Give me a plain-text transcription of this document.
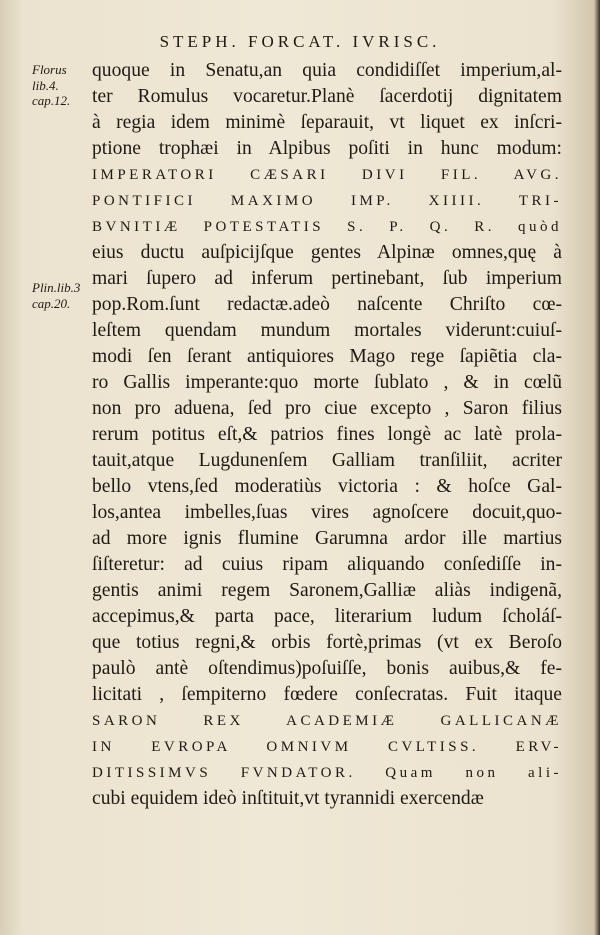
STEPH. FORCAT. IVRISC.
Florus
lib.4.
cap.12.
Plin.lib.3
cap.20.
quoque in Senatu,an quia condidiſſet imperium,al-
ter Romulus vocaretur.Planè ſacerdotij dignitatem
à regia idem minimè ſeparauit, vt liquet ex inſcri-
ptione trophæi in Alpibus poſiti in hunc modum:
IMPERATORI CÆSARI DIVI FIL. AVG.
PONTIFICI MAXIMO IMP. XIIII. TRI-
BVNITIÆ POTESTATIS S. P. Q. R. quòd
eius ductu auſpicijſque gentes Alpinæ omnes,quę à
mari ſupero ad inferum pertinebant, ſub imperium
pop.Rom.ſunt redactæ.adeò naſcente Chriſto cœ-
leſtem quendam mundum mortales viderunt:cuiuſ-
modi ſen ſerant antiquiores Mago rege ſapiẽtia cla-
ro Gallis imperante:quo morte ſublato , & in cœlũ
non pro aduena, ſed pro ciue excepto , Saron filius
rerum potitus eſt,& patrios fines longè ac latè prola-
tauit,atque Lugdunenſem Galliam tranſiliit, acriter
bello vtens,ſed moderatiùs victoria : & hoſce Gal-
los,antea imbelles,ſuas vires agnoſcere docuit,quo-
ad more ignis flumine Garumna ardor ille martius
ſiſteretur: ad cuius ripam aliquando conſediſſe in-
gentis animi regem Saronem,Galliæ aliàs indigenã,
accepimus,& parta pace, literarium ludum ſcholáſ-
que totius regni,& orbis fortè,primas (vt ex Beroſo
paulò antè oſtendimus)poſuiſſe, bonis auibus,& fe-
licitati , ſempiterno fœdere conſecratas. Fuit itaque
SARON REX ACADEMIÆ GALLICANÆ
IN EVROPA OMNIVM CVLTISS. ERV-
DITISSIMVS FVNDATOR. Quam non ali-
cubi equidem ideò inſtituit,vt tyrannidi exercendæ
